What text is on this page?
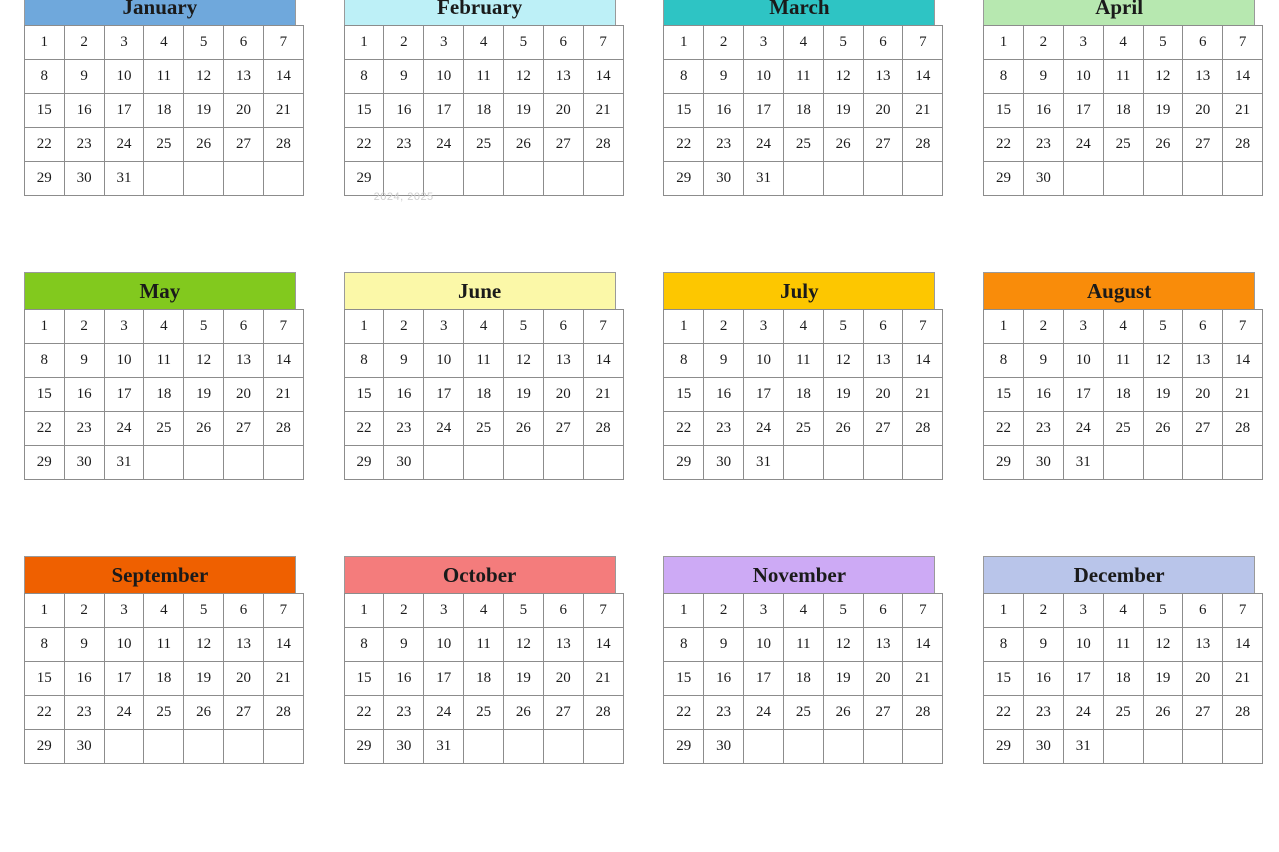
January
1	2	3	4	5	6	7
8	9	10	11	12	13	14
15	16	17	18	19	20	21
22	23	24	25	26	27	28
29	30	31				
February
1	2	3	4	5	6	7
8	9	10	11	12	13	14
15	16	17	18	19	20	21
22	23	24	25	26	27	28
29						
2024, 2025
March
1	2	3	4	5	6	7
8	9	10	11	12	13	14
15	16	17	18	19	20	21
22	23	24	25	26	27	28
29	30	31				
April
1	2	3	4	5	6	7
8	9	10	11	12	13	14
15	16	17	18	19	20	21
22	23	24	25	26	27	28
29	30					
May
1	2	3	4	5	6	7
8	9	10	11	12	13	14
15	16	17	18	19	20	21
22	23	24	25	26	27	28
29	30	31				
June
1	2	3	4	5	6	7
8	9	10	11	12	13	14
15	16	17	18	19	20	21
22	23	24	25	26	27	28
29	30					
July
1	2	3	4	5	6	7
8	9	10	11	12	13	14
15	16	17	18	19	20	21
22	23	24	25	26	27	28
29	30	31				
August
1	2	3	4	5	6	7
8	9	10	11	12	13	14
15	16	17	18	19	20	21
22	23	24	25	26	27	28
29	30	31				
September
1	2	3	4	5	6	7
8	9	10	11	12	13	14
15	16	17	18	19	20	21
22	23	24	25	26	27	28
29	30					
October
1	2	3	4	5	6	7
8	9	10	11	12	13	14
15	16	17	18	19	20	21
22	23	24	25	26	27	28
29	30	31				
November
1	2	3	4	5	6	7
8	9	10	11	12	13	14
15	16	17	18	19	20	21
22	23	24	25	26	27	28
29	30					
December
1	2	3	4	5	6	7
8	9	10	11	12	13	14
15	16	17	18	19	20	21
22	23	24	25	26	27	28
29	30	31				
